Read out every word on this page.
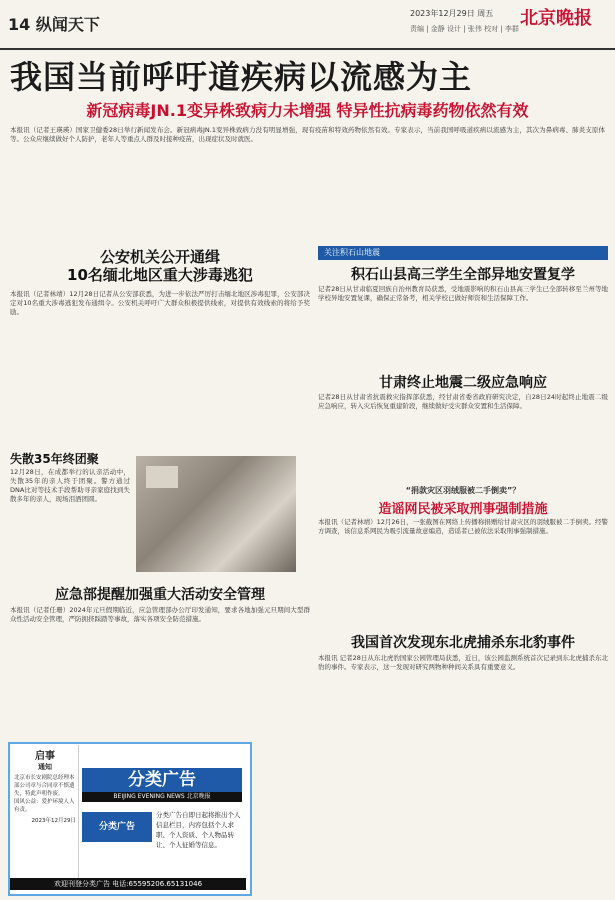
14 纵闻天下
2023年12月29日 周五 北京晚报
责编 | 金静 设计 | 张伟 校对 | 李群
我国当前呼吁道疾病以流感为主
新冠病毒JN.1变异株致病力未增强 特异性抗病毒药物依然有效
本报讯（记者王瑛瑛）国家卫健委28日举行新闻发布会。新冠病毒JN.1变异株致病力没有明显增强，现有疫苗和特效药物依然有效。专家表示，当前我国呼吸道疾病以流感为主，其次为鼻病毒、肺炎支原体等。公众应继续做好个人防护，老年人等重点人群及时接种疫苗，出现症状及时就医。
公安机关公开通缉
10名缅北地区重大涉毒逃犯
本报讯（记者林靖）12月28日记者从公安部获悉，为进一步依法严厉打击缅北地区涉毒犯罪，公安部决定对10名重大涉毒逃犯发布通缉令。公安机关呼吁广大群众积极提供线索，对提供有效线索的将给予奖励。
关注积石山地震
积石山县高三学生全部异地安置复学
记者28日从甘肃临夏回族自治州教育局获悉，受地震影响的积石山县高三学生已全部转移至兰州等地学校异地安置复课，确保正常备考，相关学校已做好师资和生活保障工作。
甘肃终止地震二级应急响应
记者28日从甘肃省抗震救灾指挥部获悉，经甘肃省委省政府研究决定，自28日24时起终止地震二级应急响应，转入灾后恢复重建阶段，继续做好受灾群众安置和生活保障。
失散35年终团聚
12月28日，在成都举行的认亲活动中，失散35年的亲人终于团聚。警方通过DNA比对等技术手段帮助寻亲家庭找到失散多年的亲人，现场泪洒团圆。
“捐款灾区羽绒服被二手倒卖”？
造谣网民被采取刑事强制措施
本报讯（记者林靖）12月26日，一张截图在网络上传播称捐赠给甘肃灾区的羽绒服被二手倒卖。经警方调查，该信息系网民为吸引流量故意编造，造谣者已被依法采取刑事强制措施。
应急部提醒加强重大活动安全管理
本报讯（记者任珊）2024年元旦假期临近，应急管理部办公厅印发通知，要求各地加强元旦期间大型群众性活动安全管理，严防拥挤踩踏等事故，落实各项安全防范措施。
我国首次发现东北虎捕杀东北豹事件
本报讯 记者28日从东北虎豹国家公园管理局获悉，近日，该公园监测系统首次记录到东北虎捕杀东北豹的事件。专家表示，这一发现对研究两物种种间关系具有重要意义。
启事
通知
北京市长安剧院总经理本部公司章与合同章不慎遗失，特此声明作废。
国风公益：爱护环境人人有责。
2023年12月29日
分类广告
BEIJING EVENING NEWS 北京晚报
分类广告
分类广告自即日起将推出个人信息栏目，内容包括个人求职、个人资质、个人物品转让、个人征婚等信息。
欢迎刊登分类广告 电话:65595206.65131046
